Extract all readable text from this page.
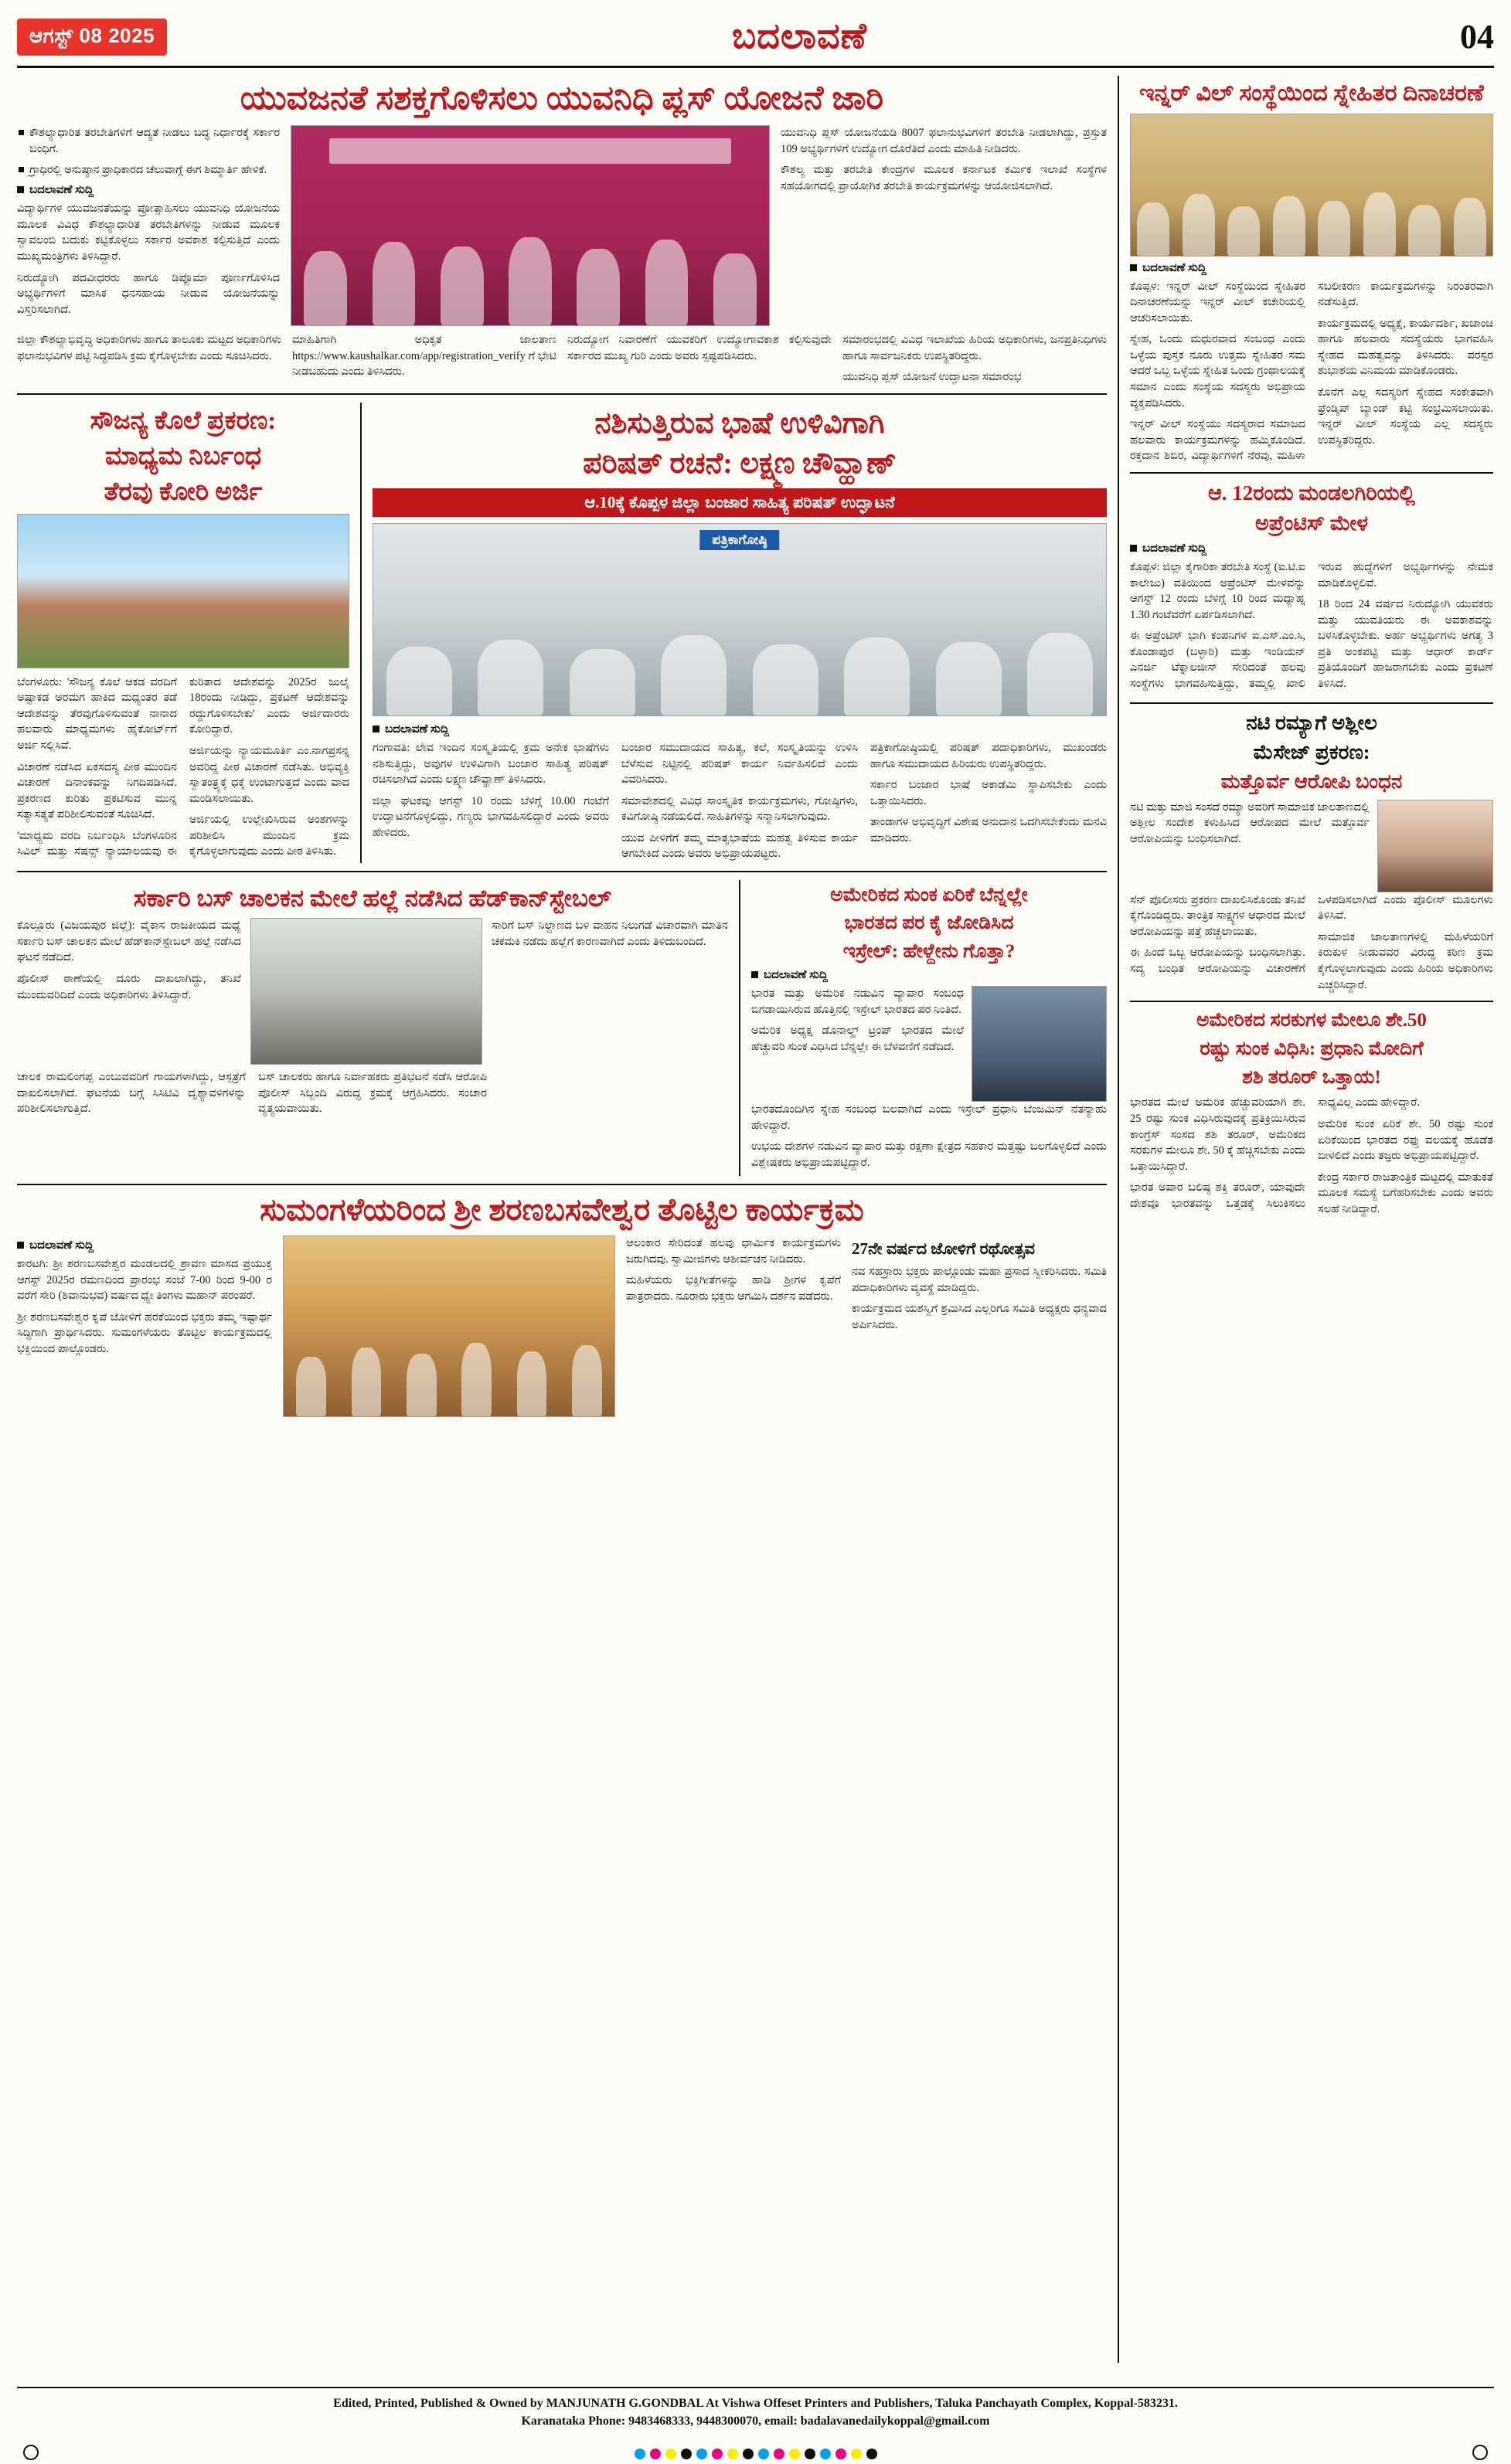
ಆಗಸ್ಟ್ 08 2025	ಬದಲಾವಣೆ	04
ಯುವಜನತೆ ಸಶಕ್ತಗೊಳಿಸಲು ಯುವನಿಧಿ ಪ್ಲಸ್ ಯೋಜನೆ ಜಾರಿ
ಕೌಶಲ್ಯಾಧಾರಿತ ತರಬೇತಿಗಳಿಗೆ ಆದ್ಯತೆ ನೀಡಲು ಬದ್ಧ ನಿರ್ಧಾರಕ್ಕೆ ಸರ್ಕಾರ ಬಂಧಿಗೆ.
ಗ್ರಾಧಿರಲ್ಲಿ ಅನುಷ್ಠಾನ ಪ್ರಾಧಿಕಾರದ ಚೆಲುವಾಗ್ಗೆ ಈಗ ಶಿಮ್ಮಾರ್ತಿ ಹೇಳಿಕೆ.
ಬದಲಾವಣೆ ಸುದ್ದಿ

ವಿದ್ಯಾರ್ಥಿಗಳ ಯುವಜನತೆಯನ್ನು ಪ್ರೋತ್ಸಾಹಿಸಲು ಯುವನಿಧಿ ಯೋಜನೆಯ ಮೂಲಕ ವಿವಿಧ ಕೌಶಲ್ಯಾಧಾರಿತ ತರಬೇತಿಗಳನ್ನು ನೀಡುವ ಮೂಲಕ ಸ್ವಾವಲಂಬಿ ಬದುಕು ಕಟ್ಟಿಕೊಳ್ಳಲು ಸರ್ಕಾರ ಅವಕಾಶ ಕಲ್ಪಿಸುತ್ತಿದೆ ಎಂದು ಮುಖ್ಯಮಂತ್ರಿಗಳು ತಿಳಿಸಿದ್ದಾರೆ.

ನಿರುದ್ಯೋಗಿ ಪದವೀಧರರು ಹಾಗೂ ಡಿಪ್ಲೊಮಾ ಪೂರ್ಣಗೊಳಿಸಿದ ಅಭ್ಯರ್ಥಿಗಳಿಗೆ ಮಾಸಿಕ ಧನಸಹಾಯ ನೀಡುವ ಯೋಜನೆಯನ್ನು ವಿಸ್ತರಿಸಲಾಗಿದೆ.

ಯುವನಿಧಿ ಪ್ಲಸ್ ಯೋಜನೆಯಡಿ 8007 ಫಲಾನುಭವಿಗಳಿಗೆ ತರಬೇತಿ ನೀಡಲಾಗಿದ್ದು, ಪ್ರಸ್ತುತ 109 ಅಭ್ಯರ್ಥಿಗಳಿಗೆ ಉದ್ಯೋಗ ದೊರೆತಿದೆ ಎಂದು ಮಾಹಿತಿ ನೀಡಿದರು.

ಕೌಶಲ್ಯ ಮತ್ತು ತರಬೇತಿ ಕೇಂದ್ರಗಳ ಮೂಲಕ ಕರ್ನಾಟಕ ಕರ್ಮಿಕ ಇಲಾಖೆ ಸಂಸ್ಥೆಗಳ ಸಹಯೋಗದಲ್ಲಿ ಪ್ರಾಯೋಗಿಕ ತರಬೇತಿ ಕಾರ್ಯಕ್ರಮಗಳನ್ನು ಆಯೋಜಿಸಲಾಗಿದೆ.

ಜಿಲ್ಲಾ ಕೌಶಲ್ಯಾಭಿವೃದ್ಧಿ ಅಧಿಕಾರಿಗಳು ಹಾಗೂ ತಾಲೂಕು ಮಟ್ಟದ ಅಧಿಕಾರಿಗಳು ಫಲಾನುಭವಿಗಳ ಪಟ್ಟಿ ಸಿದ್ಧಪಡಿಸಿ ಕ್ರಮ ಕೈಗೊಳ್ಳಬೇಕು ಎಂದು ಸೂಚಿಸಿದರು.

ಮಾಹಿತಿಗಾಗಿ ಅಧಿಕೃತ ಜಾಲತಾಣ https://www.kaushalkar.com/app/registration_verify ಗೆ ಭೇಟಿ ನೀಡಬಹುದು ಎಂದು ತಿಳಿಸಿದರು.

ನಿರುದ್ಯೋಗ ನಿವಾರಣೆಗೆ ಯುವಕರಿಗೆ ಉದ್ಯೋಗಾವಕಾಶ ಕಲ್ಪಿಸುವುದೇ ಸರ್ಕಾರದ ಮುಖ್ಯ ಗುರಿ ಎಂದು ಅವರು ಸ್ಪಷ್ಟಪಡಿಸಿದರು.

ಸಮಾರಂಭದಲ್ಲಿ ವಿವಿಧ ಇಲಾಖೆಯ ಹಿರಿಯ ಅಧಿಕಾರಿಗಳು, ಜನಪ್ರತಿನಿಧಿಗಳು ಹಾಗೂ ಸಾರ್ವಜನಿಕರು ಉಪಸ್ಥಿತರಿದ್ದರು.

ಯುವನಿಧಿ ಪ್ಲಸ್ ಯೋಜನೆ ಉದ್ಘಾಟನಾ ಸಮಾರಂಭ

ಸೌಜನ್ಯ ಕೊಲೆ ಪ್ರಕರಣ:
ಮಾಧ್ಯಮ ನಿರ್ಬಂಧ
ತೆರವು ಕೋರಿ ಅರ್ಜಿ

ಬೆಂಗಳೂರು: 'ಸೌಜನ್ಯ ಕೊಲೆ ಆಕಡ ವರದಿಗೆ ಅಷ್ಟಾಕಡ ಅರಮಗ ಹಾಕಿದ ಮಧ್ಯಂತರ ತಡೆ ಆದೇಶವನ್ನು ತೆರವುಗೊಳಿಸುವಂತೆ ನಾನಾದ ಹಲವಾರು ಮಾಧ್ಯಮಗಳು ಹೈಕೋರ್ಟ್‌ಗೆ ಅರ್ಜಿ ಸಲ್ಲಿಸಿವೆ.

ವಿಚಾರಣೆ ನಡೆಸಿದ ಏಕಸದಸ್ಯ ಪೀಠ ಮುಂದಿನ ವಿಚಾರಣೆ ದಿನಾಂಕವನ್ನು ನಿಗದಿಪಡಿಸಿದೆ. ಪ್ರಕರಣದ ಕುರಿತು ಪ್ರಕಟಿಸುವ ಮುನ್ನ ಸತ್ಯಾಸತ್ಯತೆ ಪರಿಶೀಲಿಸುವಂತೆ ಸೂಚಿಸಿದೆ.

'ಮಾಧ್ಯಮ ವರದಿ ನಿರ್ಬಂಧಿಸಿ ಬೆಂಗಳೂರಿನ ಸಿವಿಲ್ ಮತ್ತು ಸೆಷನ್ಸ್ ನ್ಯಾಯಾಲಯವು ಈ ಕುರಿತಾದ ಆದೇಶವನ್ನು 2025ರ ಜುಲೈ 18ರಂದು ನೀಡಿದ್ದು, ಪ್ರಕಟಣೆ ಆದೇಶವನ್ನು ರದ್ದುಗೊಳಿಸಬೇಕು' ಎಂದು ಅರ್ಜಿದಾರರು ಕೋರಿದ್ದಾರೆ.

ಅರ್ಜಿಯನ್ನು ನ್ಯಾಯಮೂರ್ತಿ ಎಂ.ನಾಗಪ್ರಸನ್ನ ಅವರಿದ್ದ ಪೀಠ ವಿಚಾರಣೆ ನಡೆಸಿತು. ಅಭಿವ್ಯಕ್ತಿ ಸ್ವಾತಂತ್ರ್ಯಕ್ಕೆ ಧಕ್ಕೆ ಉಂಟಾಗುತ್ತದೆ ಎಂದು ವಾದ ಮಂಡಿಸಲಾಯಿತು.

ಅರ್ಜಿಯಲ್ಲಿ ಉಲ್ಲೇಖಿಸಿರುವ ಅಂಶಗಳನ್ನು ಪರಿಶೀಲಿಸಿ ಮುಂದಿನ ಕ್ರಮ ಕೈಗೊಳ್ಳಲಾಗುವುದು ಎಂದು ಪೀಠ ತಿಳಿಸಿತು.

ನಶಿಸುತ್ತಿರುವ ಭಾಷೆ ಉಳಿವಿಗಾಗಿ
ಪರಿಷತ್ ರಚನೆ: ಲಕ್ಷ್ಮಣ ಚೌವ್ಹಾಣ್
ಆ.10ಕ್ಕೆ ಕೊಪ್ಪಳ ಜಿಲ್ಲಾ ಬಂಜಾರ ಸಾಹಿತ್ಯ ಪರಿಷತ್ ಉದ್ಘಾಟನೆ
ಪತ್ರಿಕಾಗೋಷ್ಠಿ
ಬದಲಾವಣೆ ಸುದ್ದಿ

ಗಂಗಾವತಿ: ಲೇವ ಇಂದಿನ ಸಂಸ್ಕೃತಿಯಲ್ಲಿ ಕ್ರಮ ಅನೇಕ ಭಾಷೆಗಳು ನಶಿಸುತ್ತಿದ್ದು, ಅವುಗಳ ಉಳಿವಿಗಾಗಿ ಬಂಜಾರ ಸಾಹಿತ್ಯ ಪರಿಷತ್ ರಚಿಸಲಾಗಿದೆ ಎಂದು ಲಕ್ಷ್ಮಣ ಚೌವ್ಹಾಣ್ ತಿಳಿಸಿದರು.

ಜಿಲ್ಲಾ ಘಟಕವು ಆಗಸ್ಟ್ 10 ರಂದು ಬೆಳಿಗ್ಗೆ 10.00 ಗಂಟೆಗೆ ಉದ್ಘಾಟನೆಗೊಳ್ಳಲಿದ್ದು, ಗಣ್ಯರು ಭಾಗವಹಿಸಲಿದ್ದಾರೆ ಎಂದು ಅವರು ಹೇಳಿದರು.

ಬಂಜಾರ ಸಮುದಾಯದ ಸಾಹಿತ್ಯ, ಕಲೆ, ಸಂಸ್ಕೃತಿಯನ್ನು ಉಳಿಸಿ ಬೆಳೆಸುವ ನಿಟ್ಟಿನಲ್ಲಿ ಪರಿಷತ್ ಕಾರ್ಯ ನಿರ್ವಹಿಸಲಿದೆ ಎಂದು ವಿವರಿಸಿದರು.

ಸಮಾವೇಶದಲ್ಲಿ ವಿವಿಧ ಸಾಂಸ್ಕೃತಿಕ ಕಾರ್ಯಕ್ರಮಗಳು, ಗೋಷ್ಠಿಗಳು, ಕವಿಗೋಷ್ಠಿ ನಡೆಯಲಿದೆ. ಸಾಹಿತಿಗಳನ್ನು ಸನ್ಮಾನಿಸಲಾಗುವುದು.

ಯುವ ಪೀಳಿಗೆಗೆ ತಮ್ಮ ಮಾತೃಭಾಷೆಯ ಮಹತ್ವ ತಿಳಿಸುವ ಕಾರ್ಯ ಆಗಬೇಕಿದೆ ಎಂದು ಅವರು ಅಭಿಪ್ರಾಯಪಟ್ಟರು.

ಪತ್ರಿಕಾಗೋಷ್ಠಿಯಲ್ಲಿ ಪರಿಷತ್ ಪದಾಧಿಕಾರಿಗಳು, ಮುಖಂಡರು ಹಾಗೂ ಸಮುದಾಯದ ಹಿರಿಯರು ಉಪಸ್ಥಿತರಿದ್ದರು.

ಸರ್ಕಾರ ಬಂಜಾರ ಭಾಷೆ ಅಕಾಡೆಮಿ ಸ್ಥಾಪಿಸಬೇಕು ಎಂದು ಒತ್ತಾಯಿಸಿದರು.

ತಾಂಡಾಗಳ ಅಭಿವೃದ್ಧಿಗೆ ವಿಶೇಷ ಅನುದಾನ ಒದಗಿಸಬೇಕೆಂದು ಮನವಿ ಮಾಡಿದರು.

ಸರ್ಕಾರಿ ಬಸ್ ಚಾಲಕನ ಮೇಲೆ ಹಲ್ಲೆ ನಡೆಸಿದ ಹೆಡ್‌ಕಾನ್‌ಸ್ಟೇಬಲ್

ಕೊಲ್ಲೂರು (ವಿಜಯಪುರ ಜಿಲ್ಲೆ): ವೈಕಾಸ ರಾಜಕೀಯದ ಮಧ್ಯೆ ಸರ್ಕಾರಿ ಬಸ್ ಚಾಲಕನ ಮೇಲೆ ಹೆಡ್‌ಕಾನ್‌ಸ್ಟೇಬಲ್ ಹಲ್ಲೆ ನಡೆಸಿದ ಘಟನೆ ನಡೆದಿದೆ.

ಪೊಲೀಸ್ ಠಾಣೆಯಲ್ಲಿ ದೂರು ದಾಖಲಾಗಿದ್ದು, ತನಿಖೆ ಮುಂದುವರಿದಿದೆ ಎಂದು ಅಧಿಕಾರಿಗಳು ತಿಳಿಸಿದ್ದಾರೆ.

ಸಾರಿಗೆ ಬಸ್ ನಿಲ್ದಾಣದ ಬಳಿ ವಾಹನ ನಿಲುಗಡೆ ವಿಚಾರವಾಗಿ ಮಾತಿನ ಚಕಮಕಿ ನಡೆದು ಹಲ್ಲೆಗೆ ಕಾರಣವಾಗಿದೆ ಎಂದು ತಿಳಿದುಬಂದಿದೆ.

ಚಾಲಕ ರಾಮಲಿಂಗಪ್ಪ ಎಂಬುವವರಿಗೆ ಗಾಯಗಳಾಗಿದ್ದು, ಆಸ್ಪತ್ರೆಗೆ ದಾಖಲಿಸಲಾಗಿದೆ. ಘಟನೆಯ ಬಗ್ಗೆ ಸಿಸಿಟಿವಿ ದೃಶ್ಯಾವಳಿಗಳನ್ನು ಪರಿಶೀಲಿಸಲಾಗುತ್ತಿದೆ.

ಬಸ್ ಚಾಲಕರು ಹಾಗೂ ನಿರ್ವಾಹಕರು ಪ್ರತಿಭಟನೆ ನಡೆಸಿ ಆರೋಪಿ ಪೊಲೀಸ್ ಸಿಬ್ಬಂದಿ ವಿರುದ್ಧ ಕ್ರಮಕ್ಕೆ ಆಗ್ರಹಿಸಿದರು. ಸಂಚಾರ ವ್ಯತ್ಯಯವಾಯಿತು.

ಅಮೇರಿಕದ ಸುಂಕ ಏರಿಕೆ ಬೆನ್ನಲ್ಲೇ
ಭಾರತದ ಪರ ಕೈ ಜೋಡಿಸಿದ
ಇಸ್ರೇಲ್: ಹೇಳ್ದೇನು ಗೊತ್ತಾ?
ಬದಲಾವಣೆ ಸುದ್ದಿ

ಭಾರತ ಮತ್ತು ಅಮೆರಿಕ ನಡುವಿನ ವ್ಯಾಪಾರ ಸಂಬಂಧ ಬಿಗಡಾಯಿಸಿರುವ ಹೊತ್ತಿನಲ್ಲಿ ಇಸ್ರೇಲ್ ಭಾರತದ ಪರ ನಿಂತಿದೆ.

ಅಮೆರಿಕ ಅಧ್ಯಕ್ಷ ಡೊನಾಲ್ಡ್ ಟ್ರಂಪ್ ಭಾರತದ ಮೇಲೆ ಹೆಚ್ಚುವರಿ ಸುಂಕ ವಿಧಿಸಿದ ಬೆನ್ನಲ್ಲೇ ಈ ಬೆಳವಣಿಗೆ ನಡೆದಿದೆ.

ಭಾರತದೊಂದಿಗಿನ ಸ್ನೇಹ ಸಂಬಂಧ ಬಲವಾಗಿದೆ ಎಂದು ಇಸ್ರೇಲ್ ಪ್ರಧಾನಿ ಬೆಂಜಮಿನ್ ನೆತನ್ಯಾಹು ಹೇಳಿದ್ದಾರೆ.

ಉಭಯ ದೇಶಗಳ ನಡುವಿನ ವ್ಯಾಪಾರ ಮತ್ತು ರಕ್ಷಣಾ ಕ್ಷೇತ್ರದ ಸಹಕಾರ ಮತ್ತಷ್ಟು ಬಲಗೊಳ್ಳಲಿದೆ ಎಂದು ವಿಶ್ಲೇಷಕರು ಅಭಿಪ್ರಾಯಪಟ್ಟಿದ್ದಾರೆ.

ಸುಮಂಗಳೆಯರಿಂದ ಶ್ರೀ ಶರಣಬಸವೇಶ್ವರ ತೊಟ್ಟಿಲ ಕಾರ್ಯಕ್ರಮ
ಬದಲಾವಣೆ ಸುದ್ದಿ

ಕಾರಟಗಿ: ಶ್ರೀ ಶರಣಬಸವೇಶ್ವರ ಮಂಡಲದಲ್ಲಿ ಶ್ರಾವಣ ಮಾಸದ ಪ್ರಯುಕ್ತ ಆಗಸ್ಟ್ 2025ರ ರಮಣದಿಂದ ಪ್ರಾರಂಭ ಸಂಜೆ 7-00 ರಿಂದ 9-00 ರ ವರೆಗೆ ಸೇರಿ (ಶಿವಾನುಭವ) ವರ್ಷದ ಧ್ಯೇ ತಿಂಗಳು ಮಹಾನ್ ಪರಂಪರೆ.

ಶ್ರೀ ಶರಣಬಸವೇಶ್ವರ ಕೃಪೆ ಜೋಳಿಗೆ ಹರಕೆಯಿಂದ ಭಕ್ತರು ತಮ್ಮ ಇಷ್ಟಾರ್ಥ ಸಿದ್ಧಿಗಾಗಿ ಪ್ರಾರ್ಥಿಸಿದರು. ಸುಮಂಗಳೆಯರು ತೊಟ್ಟಿಲ ಕಾರ್ಯಕ್ರಮದಲ್ಲಿ ಭಕ್ತಿಯಿಂದ ಪಾಲ್ಗೊಂಡರು.

ಆಲಂಕಾರ ಸೇರಿದಂತೆ ಹಲವು ಧಾರ್ಮಿಕ ಕಾರ್ಯಕ್ರಮಗಳು ಜರುಗಿದವು. ಸ್ವಾಮೀಜಿಗಳು ಆಶೀರ್ವಚನ ನೀಡಿದರು.

ಮಹಿಳೆಯರು ಭಕ್ತಿಗೀತೆಗಳನ್ನು ಹಾಡಿ ಶ್ರೀಗಳ ಕೃಪೆಗೆ ಪಾತ್ರರಾದರು. ನೂರಾರು ಭಕ್ತರು ಆಗಮಿಸಿ ದರ್ಶನ ಪಡೆದರು.

27ನೇ ವರ್ಷದ ಜೋಳಿಗೆ ರಥೋತ್ಸವ

ನವ ಸಹಸ್ರಾರು ಭಕ್ತರು ಪಾಲ್ಗೊಂಡು ಮಹಾ ಪ್ರಸಾದ ಸ್ವೀಕರಿಸಿದರು. ಸಮಿತಿ ಪದಾಧಿಕಾರಿಗಳು ವ್ಯವಸ್ಥೆ ಮಾಡಿದ್ದರು.

ಕಾರ್ಯಕ್ರಮದ ಯಶಸ್ವಿಗೆ ಶ್ರಮಿಸಿದ ಎಲ್ಲರಿಗೂ ಸಮಿತಿ ಅಧ್ಯಕ್ಷರು ಧನ್ಯವಾದ ಅರ್ಪಿಸಿದರು.

ಇನ್ನರ್ ವಿಲ್ ಸಂಸ್ಥೆಯಿಂದ ಸ್ನೇಹಿತರ ದಿನಾಚರಣೆ
ಬದಲಾವಣೆ ಸುದ್ದಿ

ಕೊಪ್ಪಳ: ಇನ್ನರ್ ವೀಲ್ ಸಂಸ್ಥೆಯಿಂದ ಸ್ನೇಹಿತರ ದಿನಾಚರಣೆಯನ್ನು ಇನ್ನರ್ ವೀಲ್ ಕಚೇರಿಯಲ್ಲಿ ಆಚರಿಸಲಾಯಿತು.

ಸ್ನೇಹ, ಒಂದು ಮಧುರವಾದ ಸಂಬಂಧ ಎಂದು ಒಳ್ಳೆಯ ಪುಸ್ತಕ ನೂರು ಉತ್ತಮ ಸ್ನೇಹಿತರ ಸಮ ಆದರೆ ಒಬ್ಬ ಒಳ್ಳೆಯ ಸ್ನೇಹಿತ ಒಂದು ಗ್ರಂಥಾಲಯಕ್ಕೆ ಸಮಾನ ಎಂದು ಸಂಸ್ಥೆಯ ಸದಸ್ಯರು ಅಭಿಪ್ರಾಯ ವ್ಯಕ್ತಪಡಿಸಿದರು.

ಇನ್ನರ್ ವೀಲ್ ಸಂಸ್ಥೆಯು ಸದಸ್ಯರಾದ ಸಮಾಜದ ಹಲವಾರು ಕಾರ್ಯಕ್ರಮಗಳನ್ನು ಹಮ್ಮಿಕೊಂಡಿದೆ. ರಕ್ತದಾನ ಶಿಬಿರ, ವಿದ್ಯಾರ್ಥಿಗಳಿಗೆ ನೆರವು, ಮಹಿಳಾ ಸಬಲೀಕರಣ ಕಾರ್ಯಕ್ರಮಗಳನ್ನು ನಿರಂತರವಾಗಿ ನಡೆಸುತ್ತಿದೆ.

ಕಾರ್ಯಕ್ರಮದಲ್ಲಿ ಅಧ್ಯಕ್ಷೆ, ಕಾರ್ಯದರ್ಶಿ, ಖಜಾಂಚಿ ಹಾಗೂ ಹಲವಾರು ಸದಸ್ಯೆಯರು ಭಾಗವಹಿಸಿ ಸ್ನೇಹದ ಮಹತ್ವವನ್ನು ತಿಳಿಸಿದರು. ಪರಸ್ಪರ ಶುಭಾಶಯ ವಿನಿಮಯ ಮಾಡಿಕೊಂಡರು.

ಕೊನೆಗೆ ಎಲ್ಲ ಸದಸ್ಯರಿಗೆ ಸ್ನೇಹದ ಸಂಕೇತವಾಗಿ ಫ್ರೆಂಡ್ಶಿಪ್ ಬ್ಯಾಂಡ್ ಕಟ್ಟಿ ಸಂಭ್ರಮಿಸಲಾಯಿತು. ಇನ್ನರ್ ವೀಲ್ ಸಂಸ್ಥೆಯ ಎಲ್ಲ ಸದಸ್ಯರು ಉಪಸ್ಥಿತರಿದ್ದರು.

ಆ. 12ರಂದು ಮಂಡಲಗಿರಿಯಲ್ಲಿ
ಅಪ್ರೆಂಟಿಸ್ ಮೇಳ
ಬದಲಾವಣೆ ಸುದ್ದಿ

ಕೊಪ್ಪಳ: ಜಿಲ್ಲಾ ಕೈಗಾರಿಕಾ ತರಬೇತಿ ಸಂಸ್ಥೆ (ಐ.ಟಿ.ಐ ಕಾಲೇಜು) ವತಿಯಿಂದ ಅಪ್ರೆಂಟಿಸ್ ಮೇಳವನ್ನು ಆಗಸ್ಟ್ 12 ರಂದು ಬೆಳಿಗ್ಗೆ 10 ರಿಂದ ಮಧ್ಯಾಹ್ನ 1.30 ಗಂಟೆವರೆಗೆ ಏರ್ಪಡಿಸಲಾಗಿದೆ.

ಈ ಅಪ್ರೆಂಟಿಸ್ ಭಾಗಿ ಕಂಪನಿಗಳ ಐ.ಎಸ್.ಎಂ.ಸಿ, ಕೊಂಡಾಪುರ (ಬಳ್ಳಾರಿ) ಮತ್ತು ಇಂಡಿಯನ್ ಎನರ್ಜಿ ಟೆಕ್ನಾಲಜೀಸ್ ಸೇರಿದಂತೆ ಹಲವು ಸಂಸ್ಥೆಗಳು ಭಾಗವಹಿಸುತ್ತಿದ್ದು, ತಮ್ಮಲ್ಲಿ ಖಾಲಿ ಇರುವ ಹುದ್ದೆಗಳಿಗೆ ಅಭ್ಯರ್ಥಿಗಳನ್ನು ನೇಮಕ ಮಾಡಿಕೊಳ್ಳಲಿವೆ.

18 ರಿಂದ 24 ವರ್ಷದ ನಿರುದ್ಯೋಗಿ ಯುವಕರು ಮತ್ತು ಯುವತಿಯರು ಈ ಅವಕಾಶವನ್ನು ಬಳಸಿಕೊಳ್ಳಬೇಕು. ಅರ್ಹ ಅಭ್ಯರ್ಥಿಗಳು ಅಗತ್ಯ 3 ಪ್ರತಿ ಅಂಕಪಟ್ಟಿ ಮತ್ತು ಆಧಾರ್ ಕಾರ್ಡ್ ಪ್ರತಿಯೊಂದಿಗೆ ಹಾಜರಾಗಬೇಕು ಎಂದು ಪ್ರಕಟಣೆ ತಿಳಿಸಿದೆ.

ನಟಿ ರಮ್ಯಾಗೆ ಅಶ್ಲೀಲ
ಮೆಸೇಜ್ ಪ್ರಕರಣ:
ಮತ್ತೊರ್ವ ಆರೋಪಿ ಬಂಧನ

ನಟಿ ಮತ್ತು ಮಾಜಿ ಸಂಸದೆ ರಮ್ಯಾ ಅವರಿಗೆ ಸಾಮಾಜಿಕ ಜಾಲತಾಣದಲ್ಲಿ ಅಶ್ಲೀಲ ಸಂದೇಶ ಕಳುಹಿಸಿದ ಆರೋಪದ ಮೇಲೆ ಮತ್ತೊರ್ವ ಆರೋಪಿಯನ್ನು ಬಂಧಿಸಲಾಗಿದೆ.

ಸೆನ್ ಪೊಲೀಸರು ಪ್ರಕರಣ ದಾಖಲಿಸಿಕೊಂಡು ತನಿಖೆ ಕೈಗೊಂಡಿದ್ದರು. ತಾಂತ್ರಿಕ ಸಾಕ್ಷ್ಯಗಳ ಆಧಾರದ ಮೇಲೆ ಆರೋಪಿಯನ್ನು ಪತ್ತೆ ಹಚ್ಚಲಾಯಿತು.

ಈ ಹಿಂದೆ ಒಬ್ಬ ಆರೋಪಿಯನ್ನು ಬಂಧಿಸಲಾಗಿತ್ತು. ಸದ್ಯ ಬಂಧಿತ ಆರೋಪಿಯನ್ನು ವಿಚಾರಣೆಗೆ ಒಳಪಡಿಸಲಾಗಿದೆ ಎಂದು ಪೊಲೀಸ್ ಮೂಲಗಳು ತಿಳಿಸಿವೆ.

ಸಾಮಾಜಿಕ ಜಾಲತಾಣಗಳಲ್ಲಿ ಮಹಿಳೆಯರಿಗೆ ಕಿರುಕುಳ ನೀಡುವವರ ವಿರುದ್ಧ ಕಠಿಣ ಕ್ರಮ ಕೈಗೊಳ್ಳಲಾಗುವುದು ಎಂದು ಹಿರಿಯ ಅಧಿಕಾರಿಗಳು ಎಚ್ಚರಿಸಿದ್ದಾರೆ.

ಅಮೇರಿಕದ ಸರಕುಗಳ ಮೇಲೂ ಶೇ.50
ರಷ್ಟು ಸುಂಕ ವಿಧಿಸಿ: ಪ್ರಧಾನಿ ಮೋದಿಗೆ
ಶಶಿ ತರೂರ್ ಒತ್ತಾಯ!

ಭಾರತದ ಮೇಲೆ ಅಮೆರಿಕ ಹೆಚ್ಚುವರಿಯಾಗಿ ಶೇ. 25 ರಷ್ಟು ಸುಂಕ ವಿಧಿಸಿರುವುದಕ್ಕೆ ಪ್ರತಿಕ್ರಿಯಿಸಿರುವ ಕಾಂಗ್ರೆಸ್ ಸಂಸದ ಶಶಿ ತರೂರ್, ಅಮೆರಿಕದ ಸರಕುಗಳ ಮೇಲೂ ಶೇ. 50 ಕ್ಕೆ ಹೆಚ್ಚಿಸಬೇಕು ಎಂದು ಒತ್ತಾಯಿಸಿದ್ದಾರೆ.

ಭಾರತ ಅಪಾರ ಬಲಿಷ್ಠ ಶಕ್ತಿ ತರೂರ್, ಯಾವುದೇ ದೇಶವೂ ಭಾರತವನ್ನು ಒತ್ತಡಕ್ಕೆ ಸಿಲುಕಿಸಲು ಸಾಧ್ಯವಿಲ್ಲ ಎಂದು ಹೇಳಿದ್ದಾರೆ.

ಅಮೆರಿಕ ಸುಂಕ ಏರಿಕೆ ಶೇ. 50 ರಷ್ಟು ಸುಂಕ ಏರಿಕೆಯಿಂದ ಭಾರತದ ರಫ್ತು ವಲಯಕ್ಕೆ ಹೊಡೆತ ಬೀಳಲಿದೆ ಎಂದು ತಜ್ಞರು ಅಭಿಪ್ರಾಯಪಟ್ಟಿದ್ದಾರೆ.

ಕೇಂದ್ರ ಸರ್ಕಾರ ರಾಜತಾಂತ್ರಿಕ ಮಟ್ಟದಲ್ಲಿ ಮಾತುಕತೆ ಮೂಲಕ ಸಮಸ್ಯೆ ಬಗೆಹರಿಸಬೇಕು ಎಂದು ಅವರು ಸಲಹೆ ನೀಡಿದ್ದಾರೆ.

Edited, Printed, Published & Owned by MANJUNATH G.GONDBAL At Vishwa Offeset Printers and Publishers, Taluka Panchayath Complex, Koppal-583231.
Karanataka Phone: 9483468333, 9448300070, email: badalavanedailykoppal@gmail.com
